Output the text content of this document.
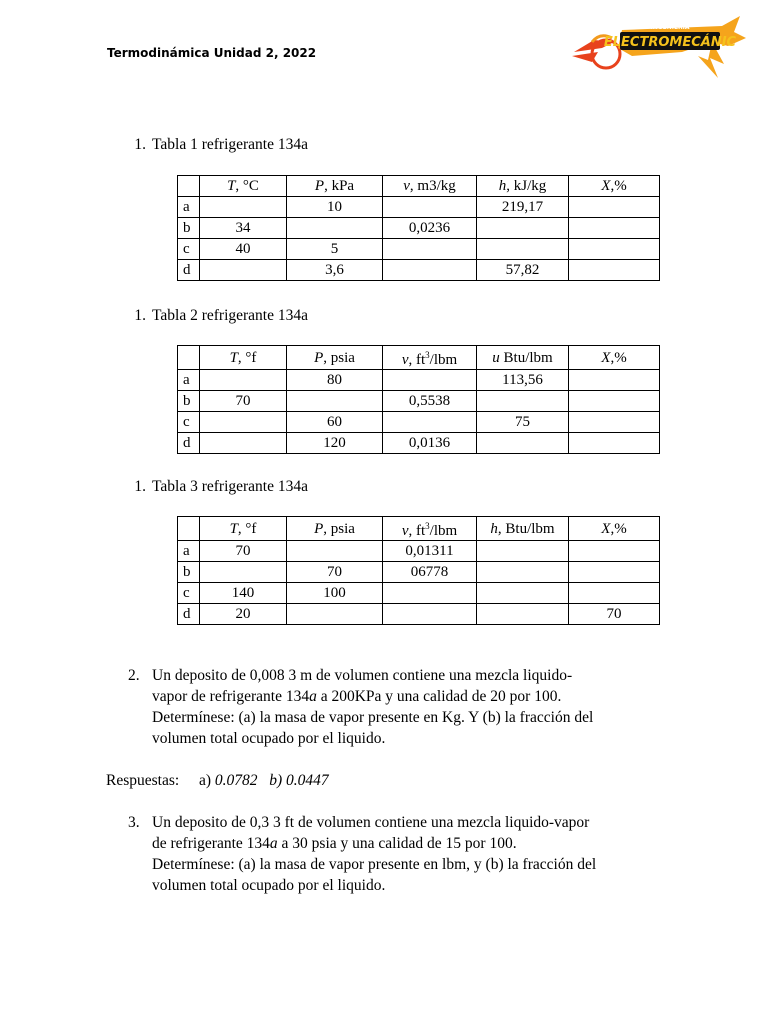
Termodinámica Unidad 2, 2022
INGENIERÍA
ELECTROMECÁNIC
1. Tabla 1 refrigerante 134a
	T, °C	P, kPa	v, m3/kg	h, kJ/kg	X,%
a		10		219,17	
b	34		0,0236		
c	40	5			
d		3,6		57,82	
1. Tabla 2 refrigerante 134a
	T, °f	P, psia	v, $ft^3$/lbm	u Btu/lbm	X,%
a		80		113,56	
b	70		0,5538		
c		60		75	
d		120	0,0136		
1. Tabla 3 refrigerante 134a
	T, °f	P, psia	v, $ft^3$/lbm	h, Btu/lbm	X,%
a	70		0,01311		
b		70	06778		
c	140	100			
d	20				70
2. Un deposito de 0,008 3 m de volumen contiene una mezcla liquido-
vapor de refrigerante 134a a 200KPa y una calidad de 20 por 100.
Determínese: (a) la masa de vapor presente en Kg. Y (b) la fracción del
volumen total ocupado por el liquido.
Respuestas: a) 0.0782 b) 0.0447
3. Un deposito de 0,3 3 ft de volumen contiene una mezcla liquido-vapor
de refrigerante 134a a 30 psia y una calidad de 15 por 100.
Determínese: (a) la masa de vapor presente en lbm, y (b) la fracción del
volumen total ocupado por el liquido.
